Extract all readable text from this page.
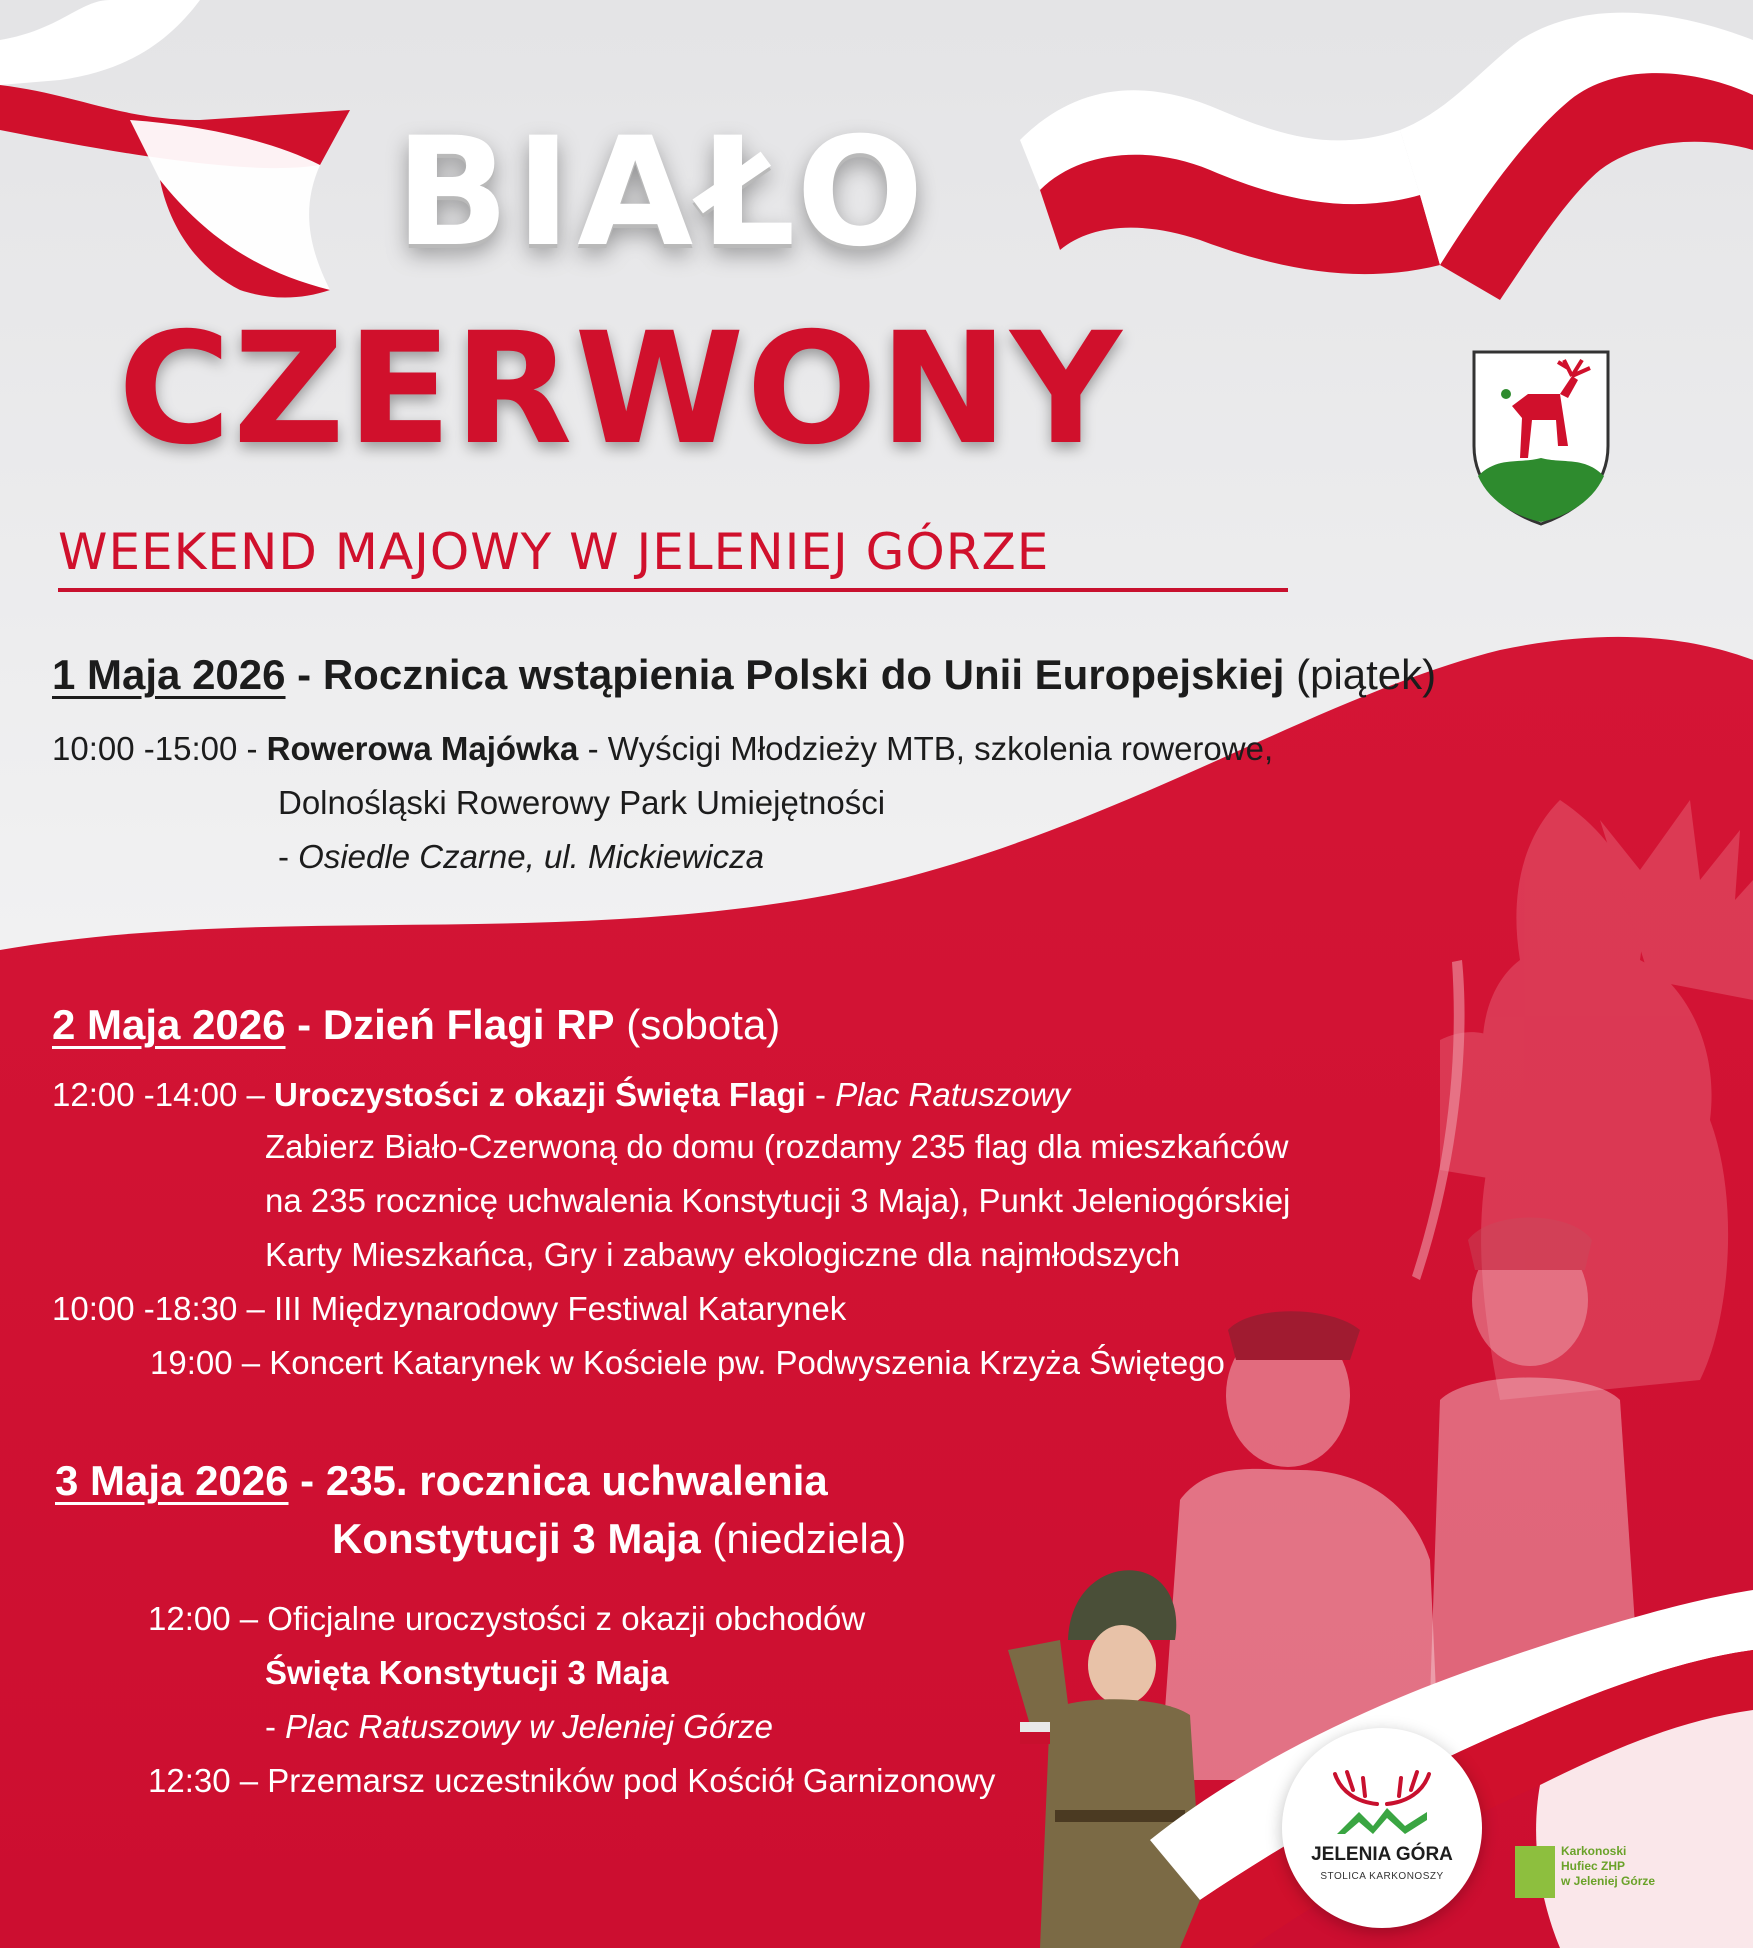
BIAŁO
CZERWONY
WEEKEND MAJOWY W JELENIEJ GÓRZE
1 Maja 2026 - Rocznica wstąpienia Polski do Unii Europejskiej (piątek)
10:00 -15:00 - Rowerowa Majówka - Wyścigi Młodzieży MTB, szkolenia rowerowe,
Dolnośląski Rowerowy Park Umiejętności
- Osiedle Czarne, ul. Mickiewicza
2 Maja 2026 - Dzień Flagi RP (sobota)
12:00 -14:00 – Uroczystości z okazji Święta Flagi - Plac Ratuszowy
Zabierz Biało-Czerwoną do domu (rozdamy 235 flag dla mieszkańców
na 235 rocznicę uchwalenia Konstytucji 3 Maja), Punkt Jeleniogórskiej
Karty Mieszkańca, Gry i zabawy ekologiczne dla najmłodszych
10:00 -18:30 – III Międzynarodowy Festiwal Katarynek
19:00 – Koncert Katarynek w Kościele pw. Podwyszenia Krzyża Świętego
3 Maja 2026 - 235. rocznica uchwalenia
Konstytucji 3 Maja (niedziela)
12:00 – Oficjalne uroczystości z okazji obchodów
Święta Konstytucji 3 Maja
- Plac Ratuszowy w Jeleniej Górze
12:30 – Przemarsz uczestników pod Kościół Garnizonowy
JELENIA GÓRA
STOLICA KARKONOSZY
Karkonoski
Hufiec ZHP
w Jeleniej Górze
